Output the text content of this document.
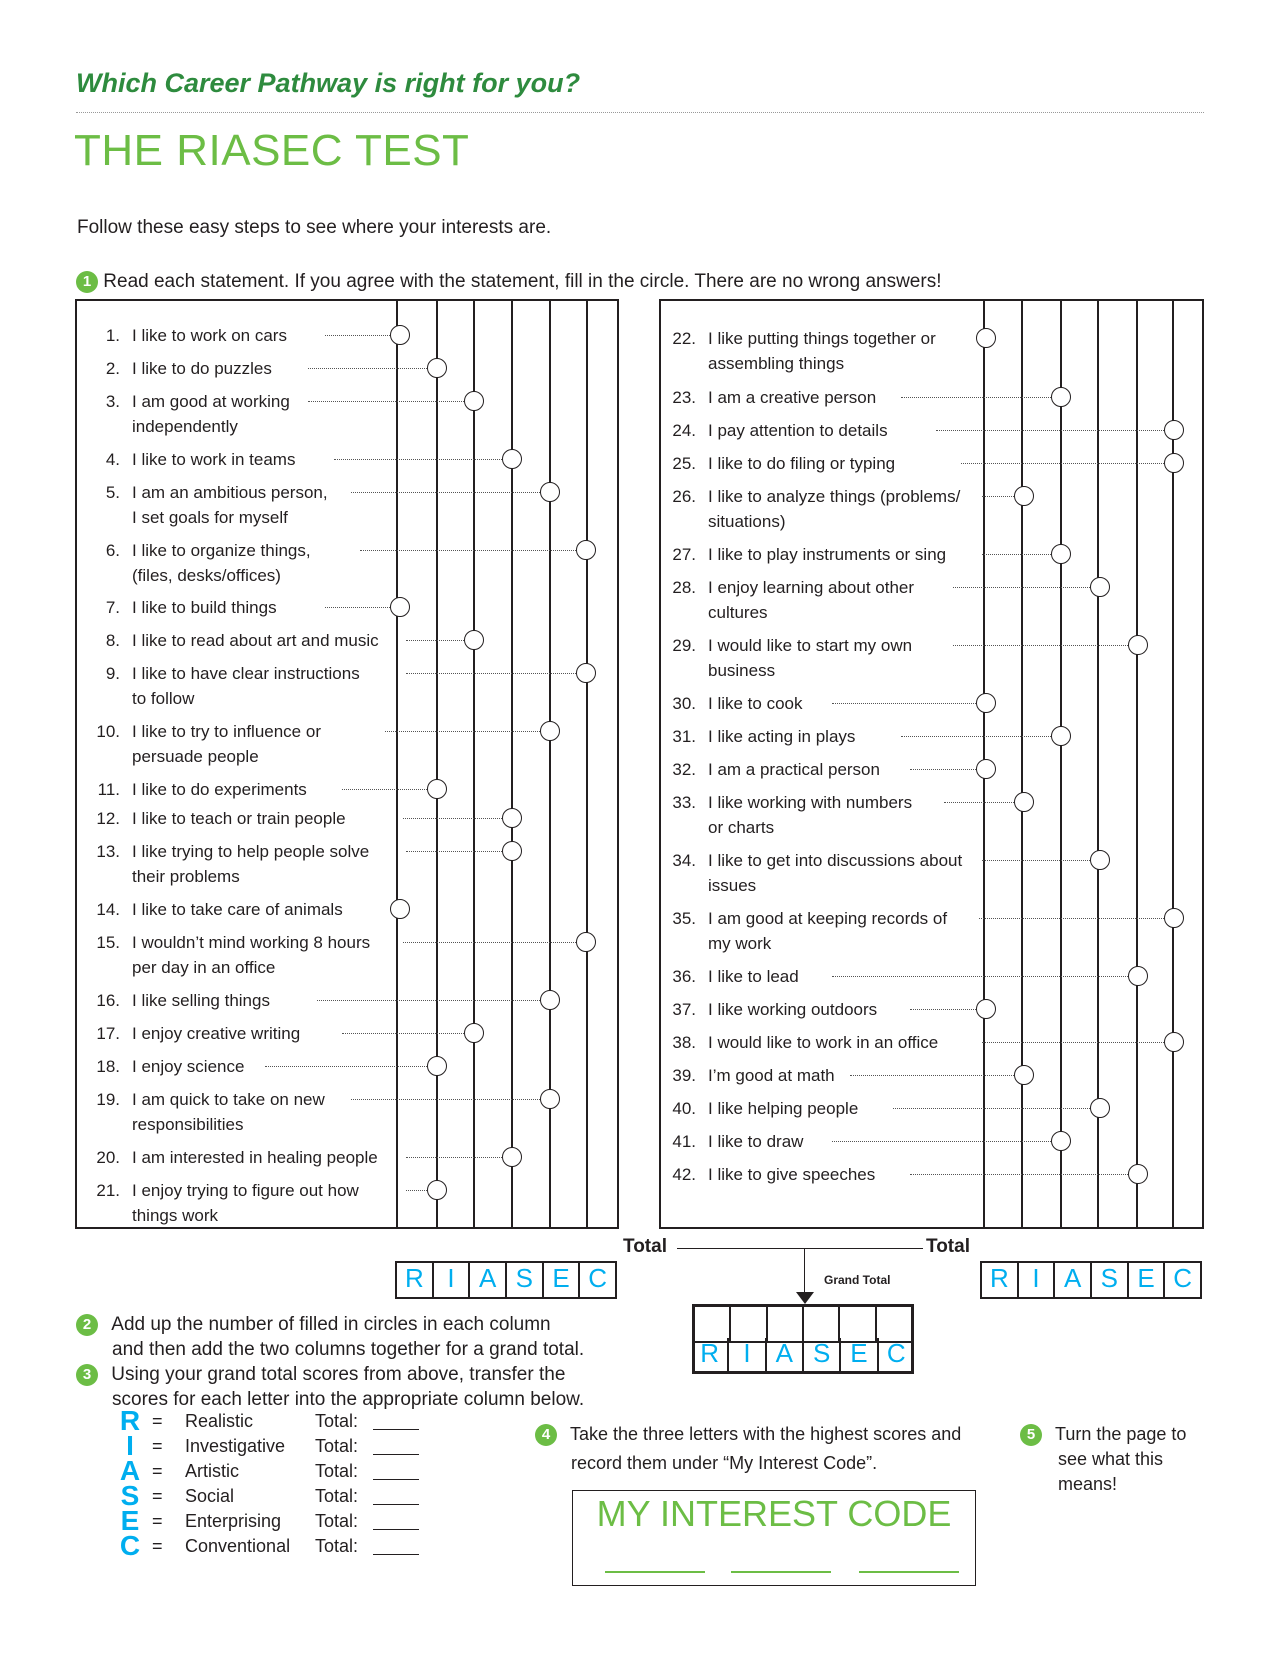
Which Career Pathway is right for you?
THE RIASEC TEST
Follow these easy steps to see where your interests are.
1 Read each statement. If you agree with the statement, fill in the circle. There are no wrong answers!
Total	Total
Grand Total
R I A S E C	R I A S E C
R I A S E C
2 Add up the number of filled in circles in each column
and then add the two columns together for a grand total.
3 Using your grand total scores from above, transfer the
scores for each letter into the appropriate column below.
R = Realistic	Total:
I	= Investigative Total:
A = Artistic	Total:
S = Social	Total:
E = Enterprising Total:
C = Conventional Total:
4 Take the three letters with the highest scores and
record them under “My Interest Code”.
MY INTEREST CODE
5 Turn the page to
see what this
means!
1. I like to work on cars
2. I like to do puzzles
3. I am good at working
independently
4. I like to work in teams
5. I am an ambitious person,
I set goals for myself
6. I like to organize things,
(files, desks/offices)
7. I like to build things
8. I like to read about art and music
9. I like to have clear instructions
to follow
10. I like to try to influence or
persuade people
11. I like to do experiments
12. I like to teach or train people
13. I like trying to help people solve
their problems
14. I like to take care of animals
15. I wouldn’t mind working 8 hours
per day in an office
16. I like selling things
17. I enjoy creative writing
18. I enjoy science
19. I am quick to take on new
responsibilities
20. I am interested in healing people
21. I enjoy trying to figure out how
things work
22. I like putting things together or
assembling things
23. I am a creative person
24. I pay attention to details
25. I like to do filing or typing
26. I like to analyze things (problems/
situations)
27. I like to play instruments or sing
28. I enjoy learning about other
cultures
29. I would like to start my own
business
30. I like to cook
31. I like acting in plays
32. I am a practical person
33. I like working with numbers
or charts
34. I like to get into discussions about
issues
35. I am good at keeping records of
my work
36. I like to lead
37. I like working outdoors
38. I would like to work in an office
39. I’m good at math
40. I like helping people
41. I like to draw
42. I like to give speeches
